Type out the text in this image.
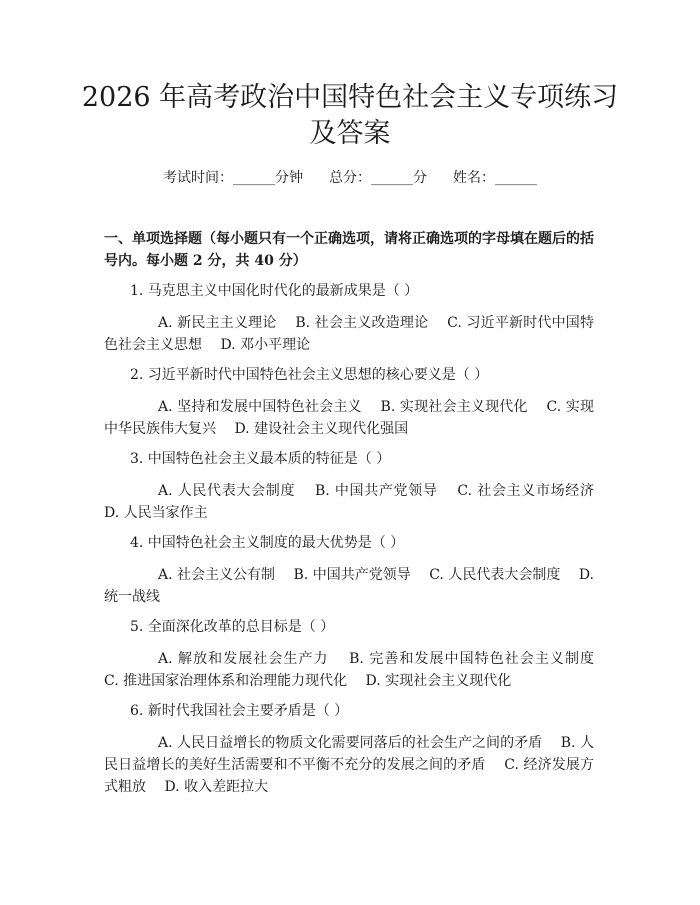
2026 年高考政治中国特色社会主义专项练习及答案
考试时间：______分钟 总分：______分 姓名：______
一、单项选择题（每小题只有一个正确选项，请将正确选项的字母填在题后的括号内。每小题 2 分，共 40 分）
1. 马克思主义中国化时代化的最新成果是（ ）
A. 新民主主义理论　 B. 社会主义改造理论　 C. 习近平新时代中国特色社会主义思想　 D. 邓小平理论
2. 习近平新时代中国特色社会主义思想的核心要义是（ ）
A. 坚持和发展中国特色社会主义　 B. 实现社会主义现代化　 C. 实现中华民族伟大复兴　 D. 建设社会主义现代化强国
3. 中国特色社会主义最本质的特征是（ ）
A. 人民代表大会制度　 B. 中国共产党领导　 C. 社会主义市场经济　 D. 人民当家作主
4. 中国特色社会主义制度的最大优势是（ ）
A. 社会主义公有制　 B. 中国共产党领导　 C. 人民代表大会制度　 D. 统一战线
5. 全面深化改革的总目标是（ ）
A. 解放和发展社会生产力　 B. 完善和发展中国特色社会主义制度　 C. 推进国家治理体系和治理能力现代化　 D. 实现社会主义现代化
6. 新时代我国社会主要矛盾是（ ）
A. 人民日益增长的物质文化需要同落后的社会生产之间的矛盾　 B. 人民日益增长的美好生活需要和不平衡不充分的发展之间的矛盾　 C. 经济发展方式粗放　 D. 收入差距拉大
